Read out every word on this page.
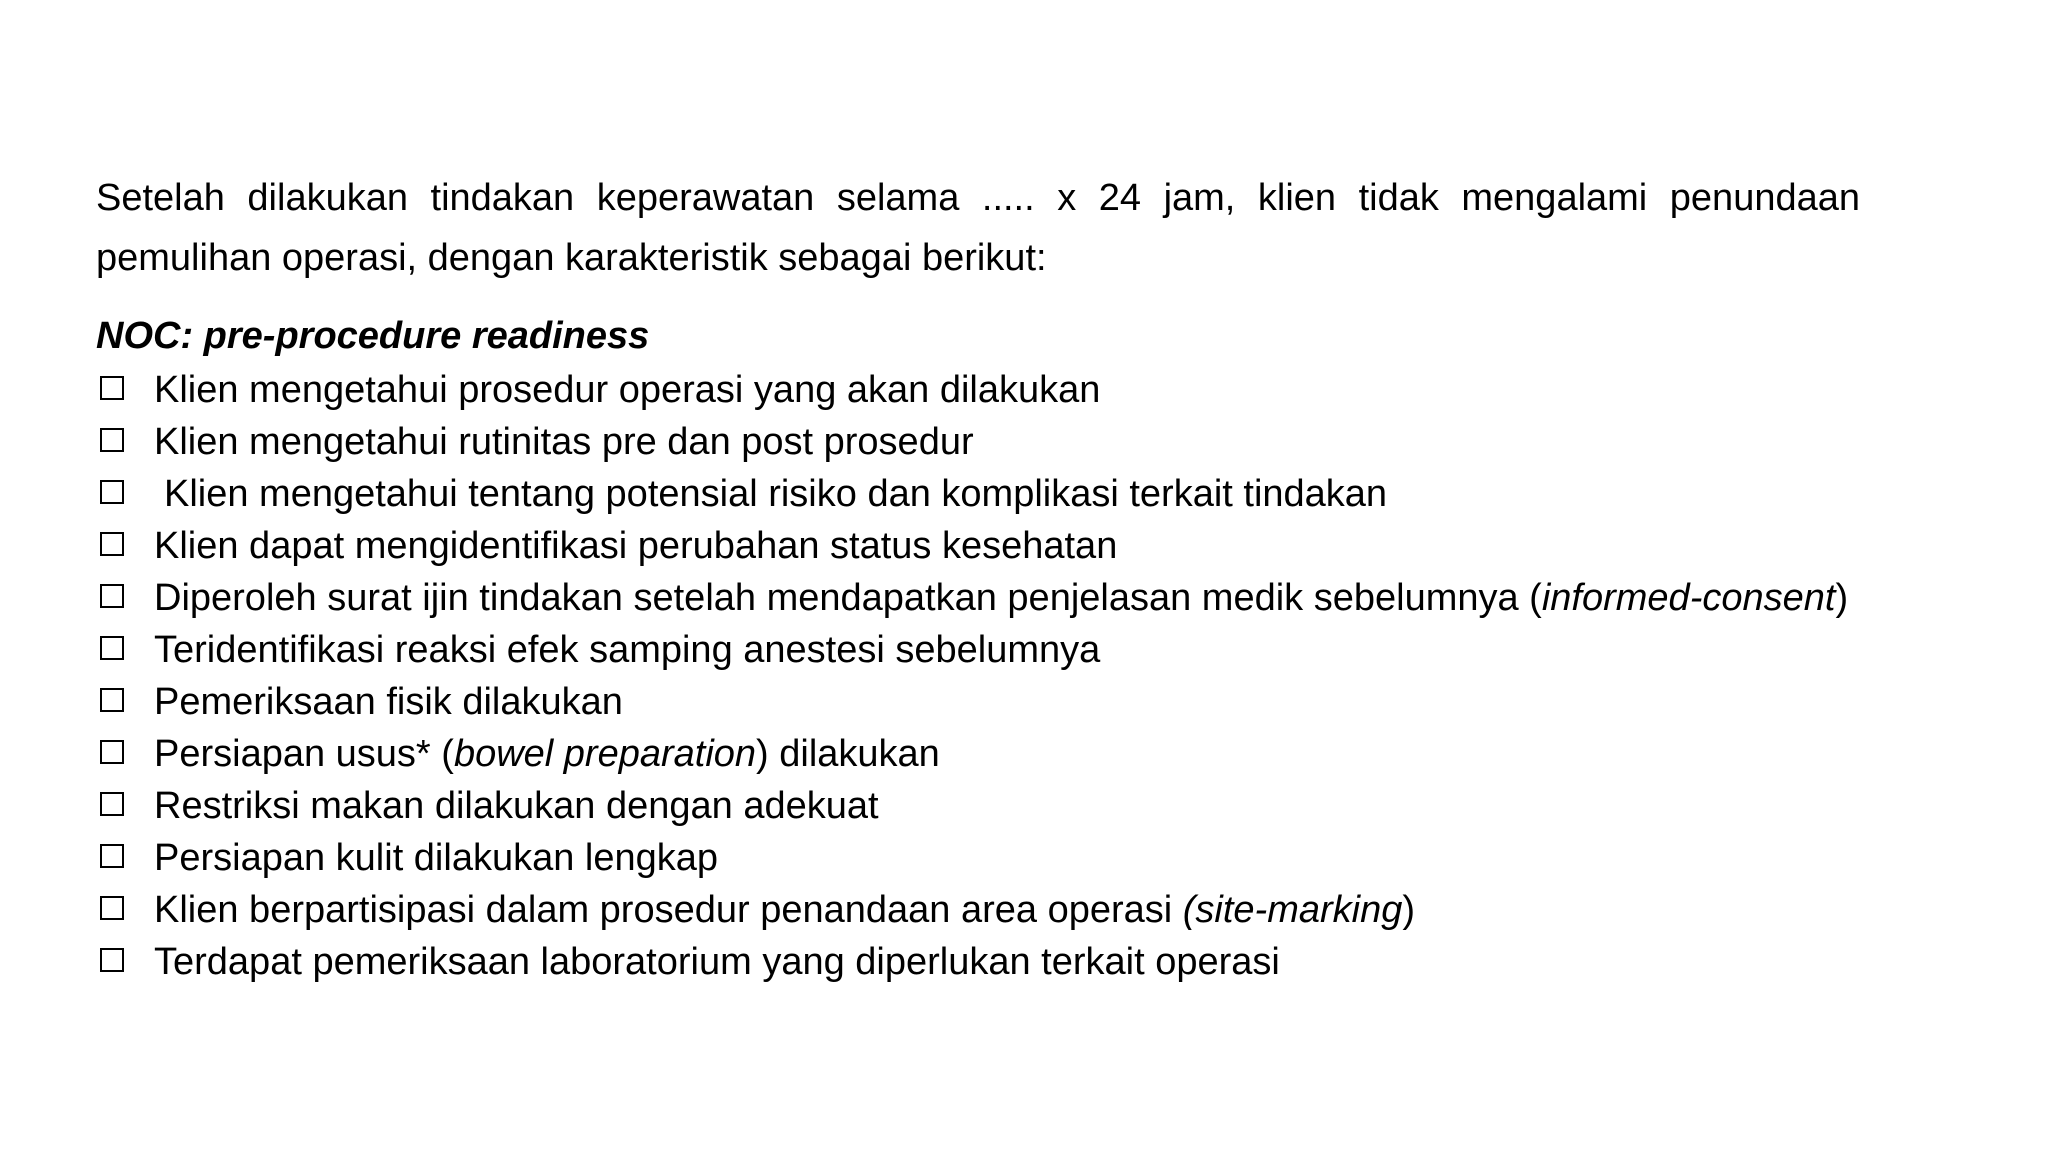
Setelah dilakukan tindakan keperawatan selama ..... x 24 jam, klien tidak mengalami penundaan pemulihan operasi, dengan karakteristik sebagai berikut:

NOC: pre-procedure readiness
Klien mengetahui prosedur operasi yang akan dilakukan
Klien mengetahui rutinitas pre dan post prosedur
Klien mengetahui tentang potensial risiko dan komplikasi terkait tindakan
Klien dapat mengidentifikasi perubahan status kesehatan
Diperoleh surat ijin tindakan setelah mendapatkan penjelasan medik sebelumnya (informed-consent)
Teridentifikasi reaksi efek samping anestesi sebelumnya
Pemeriksaan fisik dilakukan
Persiapan usus* (bowel preparation) dilakukan
Restriksi makan dilakukan dengan adekuat
Persiapan kulit dilakukan lengkap
Klien berpartisipasi dalam prosedur penandaan area operasi (site-marking)
Terdapat pemeriksaan laboratorium yang diperlukan terkait operasi
